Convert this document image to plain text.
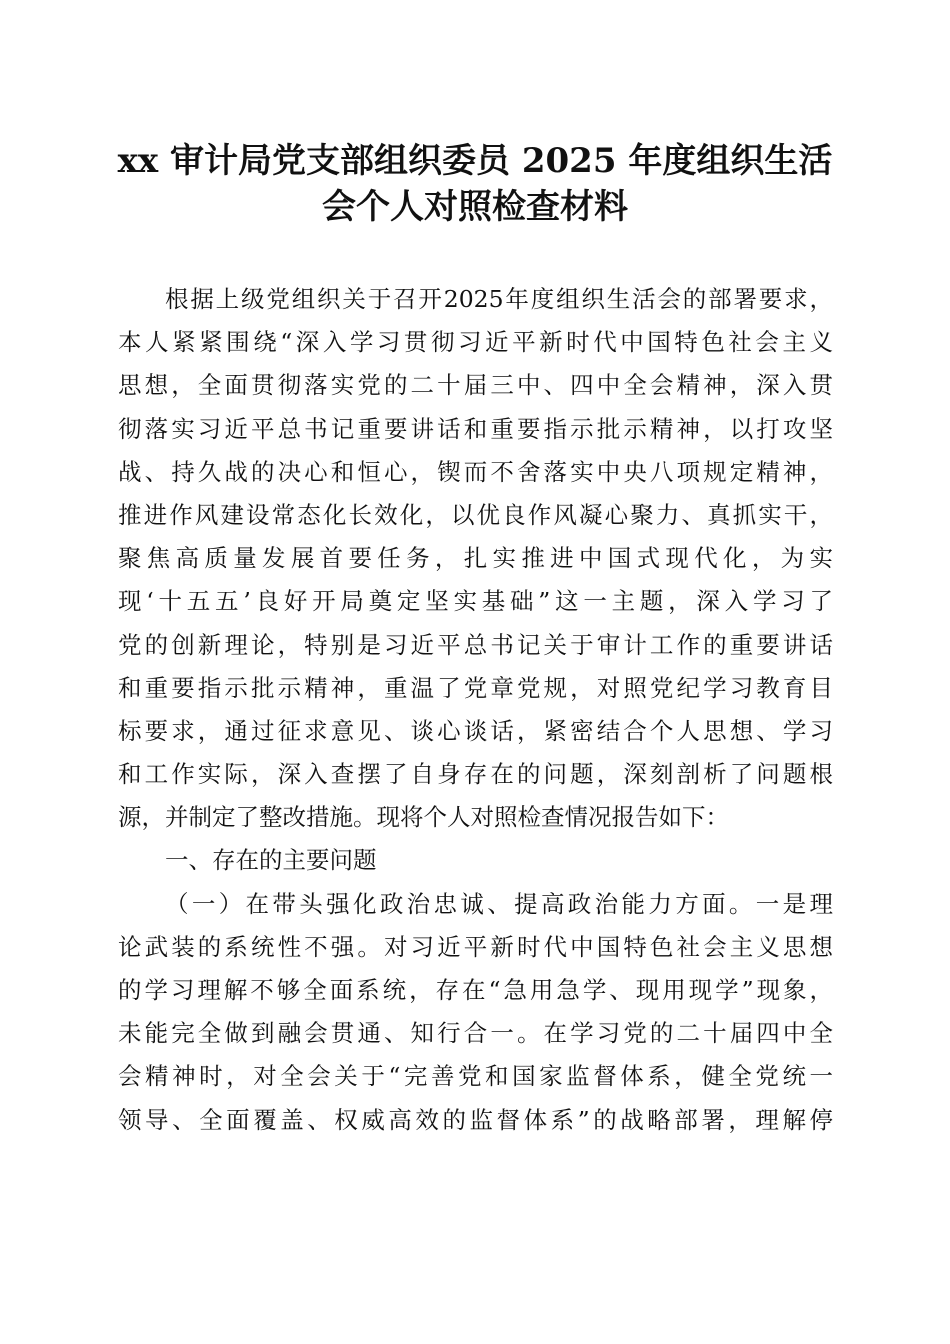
xx 审计局党支部组织委员 2025 年度组织生活
会个人对照检查材料
根据上级党组织关于召开2025年度组织生活会的部署要求，
本人紧紧围绕“深入学习贯彻习近平新时代中国特色社会主义
思想，全面贯彻落实党的二十届三中、四中全会精神，深入贯
彻落实习近平总书记重要讲话和重要指示批示精神，以打攻坚
战、持久战的决心和恒心，锲而不舍落实中央八项规定精神，
推进作风建设常态化长效化，以优良作风凝心聚力、真抓实干，
聚焦高质量发展首要任务，扎实推进中国式现代化，为实
现‘十五五’良好开局奠定坚实基础”这一主题，深入学习了
党的创新理论，特别是习近平总书记关于审计工作的重要讲话
和重要指示批示精神，重温了党章党规，对照党纪学习教育目
标要求，通过征求意见、谈心谈话，紧密结合个人思想、学习
和工作实际，深入查摆了自身存在的问题，深刻剖析了问题根
源，并制定了整改措施。现将个人对照检查情况报告如下：
一、存在的主要问题
（一）在带头强化政治忠诚、提高政治能力方面。一是理
论武装的系统性不强。对习近平新时代中国特色社会主义思想
的学习理解不够全面系统，存在“急用急学、现用现学”现象，
未能完全做到融会贯通、知行合一。在学习党的二十届四中全
会精神时，对全会关于“完善党和国家监督体系，健全党统一
领导、全面覆盖、权威高效的监督体系”的战略部署，理解停
